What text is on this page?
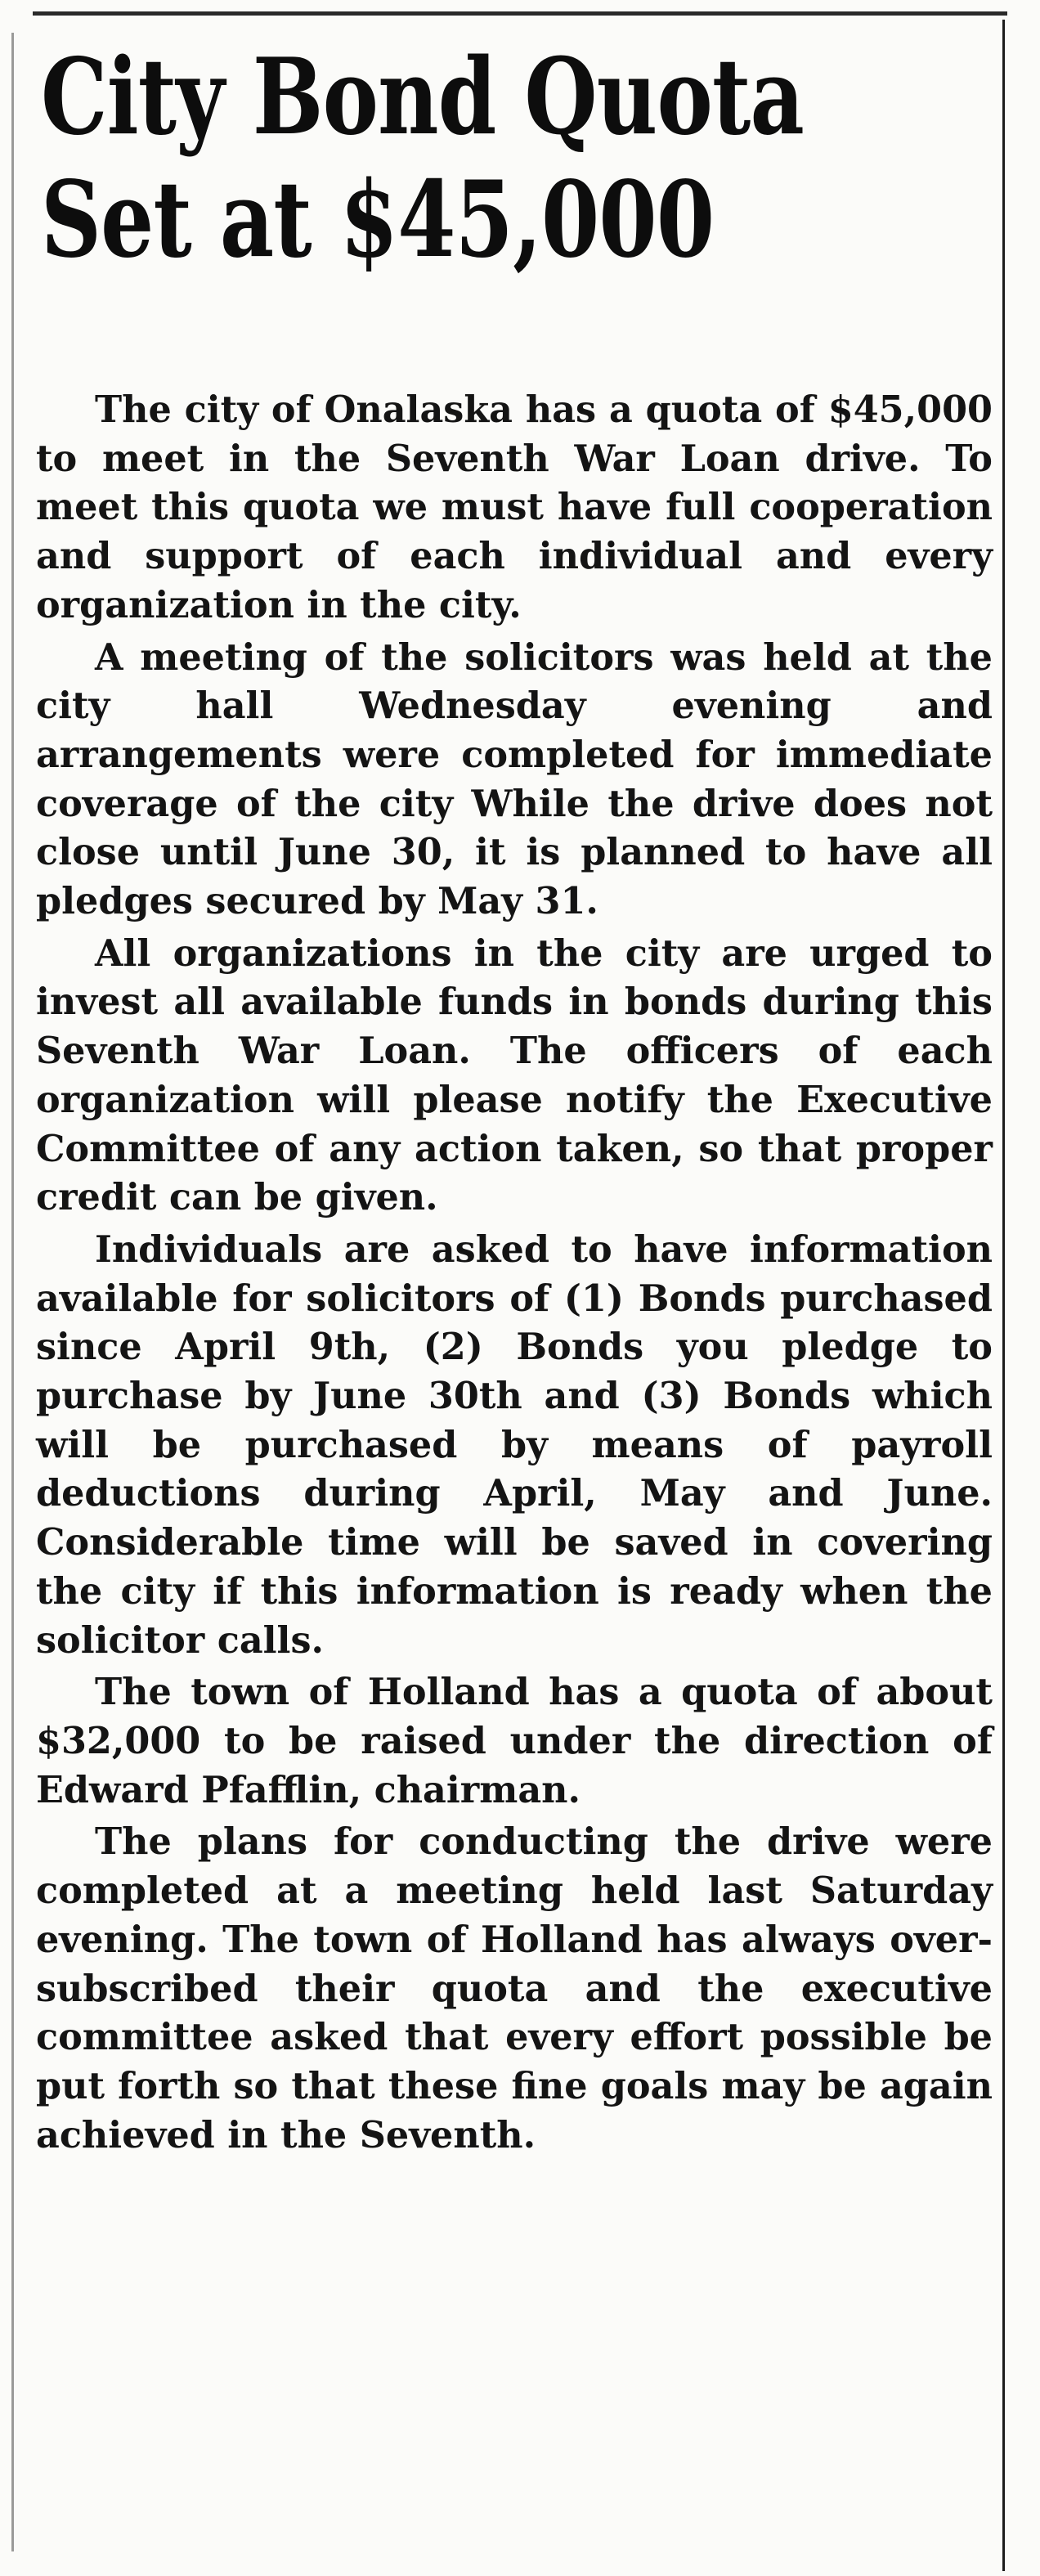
City Bond Quota
Set at $45,000

The city of Onalaska has a quota of $45,000 to meet in the Seventh War Loan drive. To meet this quota we must have full cooperation and support of each individual and every organization in the city.

A meeting of the solicitors was held at the city hall Wednesday evening and arrangements were completed for immediate coverage of the city While the drive does not close until June 30, it is planned to have all pledges secured by May 31.

All organizations in the city are urged to invest all available funds in bonds during this Seventh War Loan. The officers of each organization will please notify the Executive Committee of any action taken, so that proper credit can be given.

Individuals are asked to have information available for solicitors of (1) Bonds purchased since April 9th, (2) Bonds you pledge to purchase by June 30th and (3) Bonds which will be purchased by means of payroll deductions during April, May and June. Considerable time will be saved in covering the city if this information is ready when the solicitor calls.

The town of Holland has a quota of about $32,000 to be raised under the direction of Edward Pfafflin, chairman.

The plans for conducting the drive were completed at a meeting held last Saturday evening. The town of Holland has always over-subscribed their quota and the executive committee asked that every effort possible be put forth so that these fine goals may be again achieved in the Seventh.
